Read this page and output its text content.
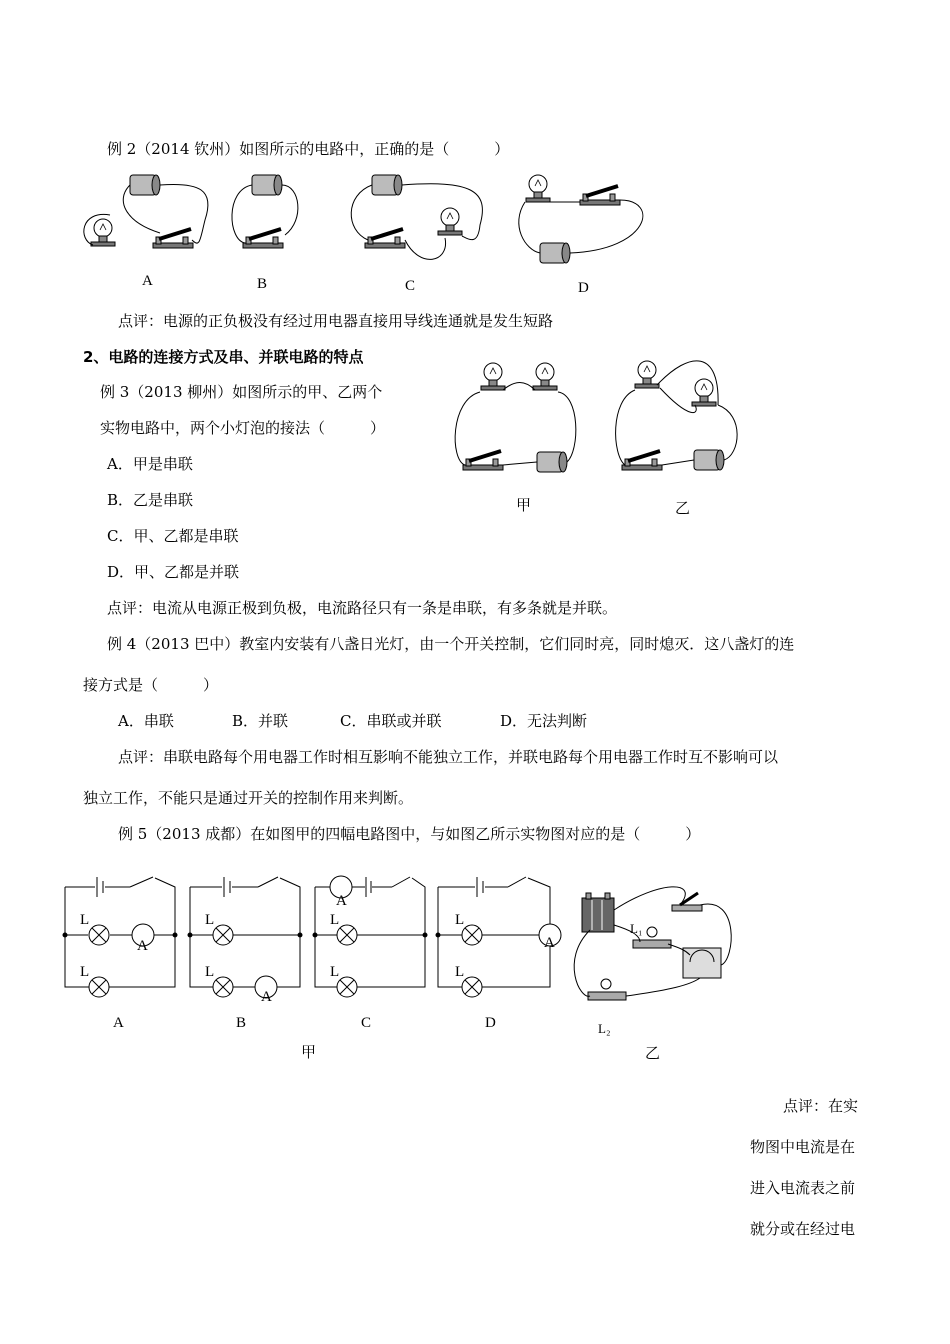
例 2（2014 钦州）如图所示的电路中，正确的是（　　　）
A	B	C	D
点评：电源的正负极没有经过用电器直接用导线连通就是发生短路
2、电路的连接方式及串、并联电路的特点
例 3（2013 柳州）如图所示的甲、乙两个
实物电路中，两个小灯泡的接法（　　　）
A．甲是串联
B．乙是串联
C．甲、乙都是串联
D．甲、乙都是并联
甲	乙
点评：电流从电源正极到负极，电流路径只有一条是串联，有多条就是并联。
例 4（2013 巴中）教室内安装有八盏日光灯，由一个开关控制，它们同时亮，同时熄灭．这八盏灯的连
接方式是（　　　）
A．串联	B．并联	C．串联或并联	D．无法判断
点评：串联电路每个用电器工作时相互影响不能独立工作，并联电路每个用电器工作时互不影响可以
独立工作，不能只是通过开关的控制作用来判断。
例 5（2013 成都）在如图甲的四幅电路图中，与如图乙所示实物图对应的是（　　　）
L
L
A
L
L
A
A
L
L
L
L
A
A	B	C	D
甲
L₁
L₂
乙
点评：在实
物图中电流是在
进入电流表之前
就分或在经过电
